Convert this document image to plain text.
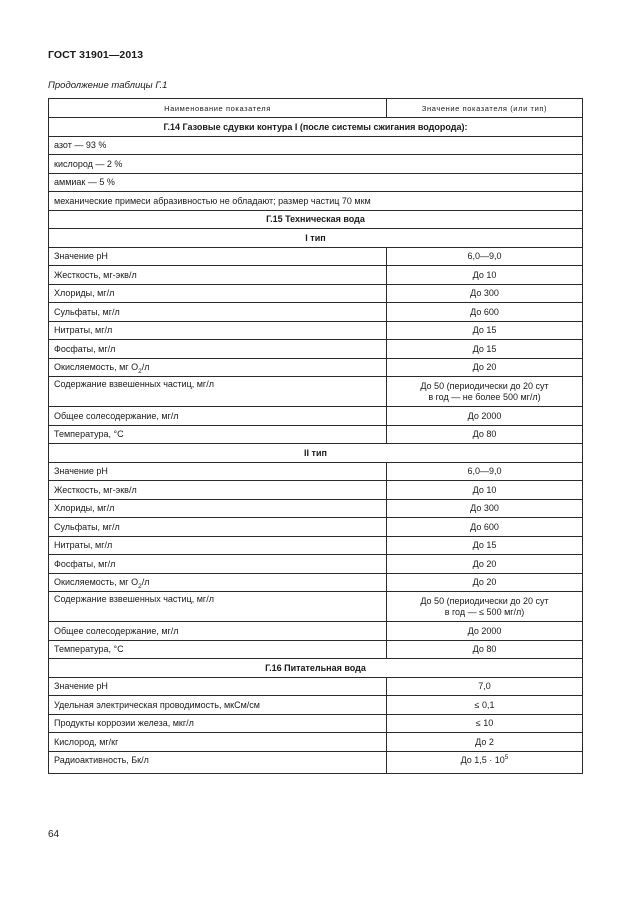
ГОСТ 31901—2013
Продолжение таблицы Г.1
Наименование показателя	Значение показателя (или тип)
Г.14 Газовые сдувки контура I (после системы сжигания водорода):	
азот — 93 %	
кислород — 2 %	
аммиак — 5 %	
механические примеси абразивностью не обладают; размер частиц 70 мкм	
Г.15 Техническая вода	
I тип	
Значение pH	6,0—9,0
Жесткость, мг-экв/л	До 10
Хлориды, мг/л	До 300
Сульфаты, мг/л	До 600
Нитраты, мг/л	До 15
Фосфаты, мг/л	До 15
Окисляемость, мг $O_2/л$	До 20
Содержание взвешенных частиц, мг/л	До 50 (периодически до 20 сут
в год — не более 500 мг/л)

Общее солесодержание, мг/л	До 2000
Температура, °С	До 80
II тип	
Значение pH	6,0—9,0
Жесткость, мг-экв/л	До 10
Хлориды, мг/л	До 300
Сульфаты, мг/л	До 600
Нитраты, мг/л	До 15
Фосфаты, мг/л	До 20
Окисляемость, мг $O_2/л$	До 20
Содержание взвешенных частиц, мг/л	До 50 (периодически до 20 сут
в год — ≤ 500 мг/л)

Общее солесодержание, мг/л	До 2000
Температура, °С	До 80
Г.16 Питательная вода	
Значение pH	7,0
Удельная электрическая проводимость, мкСм/см	≤ 0,1
Продукты коррозии железа, мкг/л	≤ 10
Кислород, мг/кг	До 2
Радиоактивность, Бк/л	До $1,5 \cdot 10^5$
64
